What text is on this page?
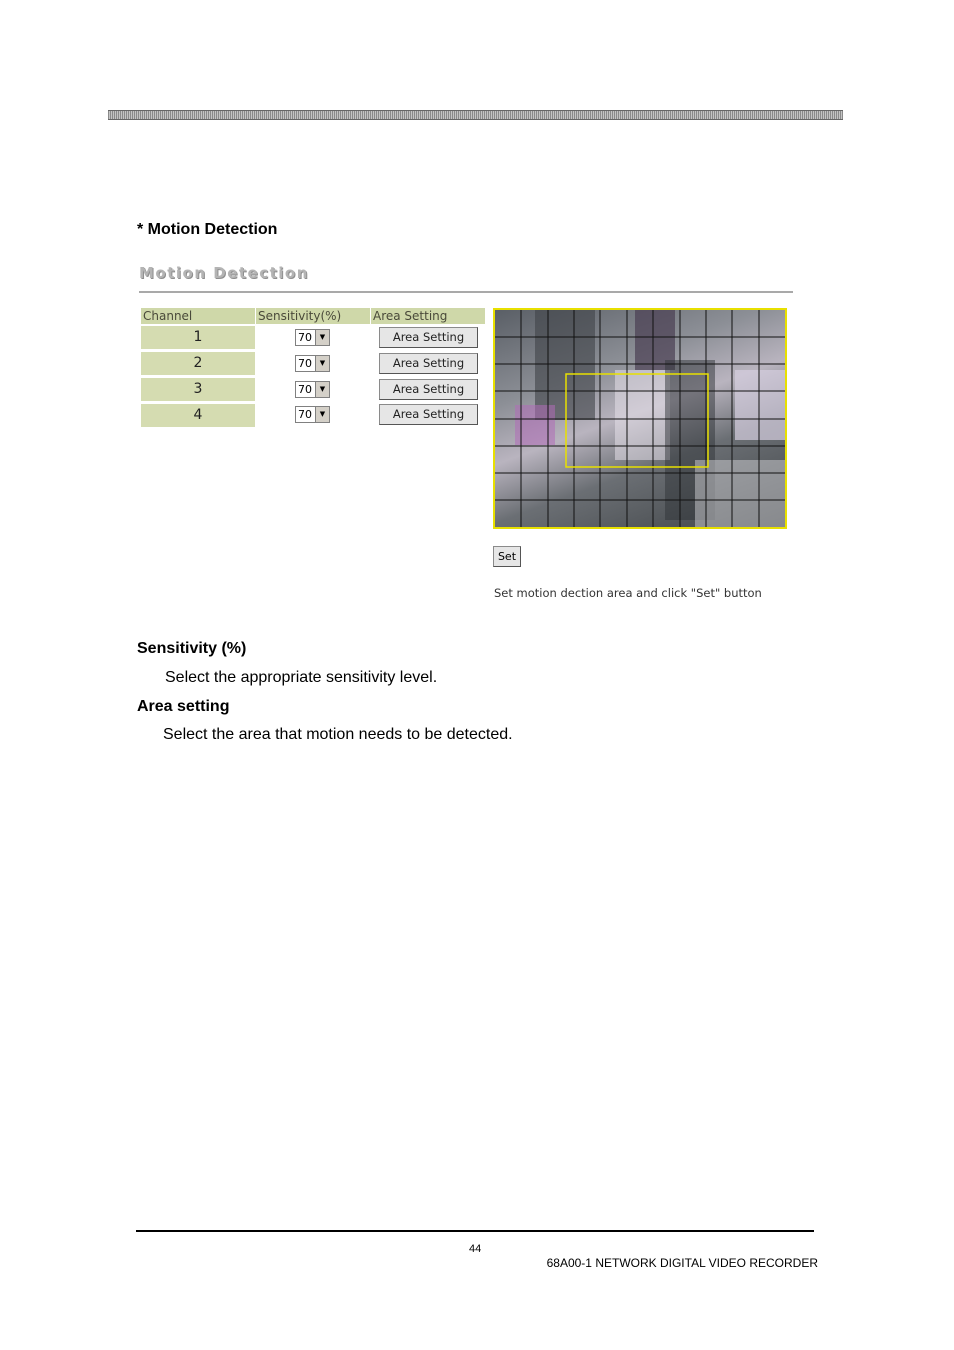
* Motion Detection
Motion Detection
Channel	Sensitivity(%)	Area Setting
1	70	▼	Area Setting
2	70	▼	Area Setting
3	70	▼	Area Setting
4	70	▼	Area Setting
Set
Set motion dection area and click "Set" button
Sensitivity (%)
Select the appropriate sensitivity level.
Area setting
Select the area that motion needs to be detected.
44
68A00-1 NETWORK DIGITAL VIDEO RECORDER
